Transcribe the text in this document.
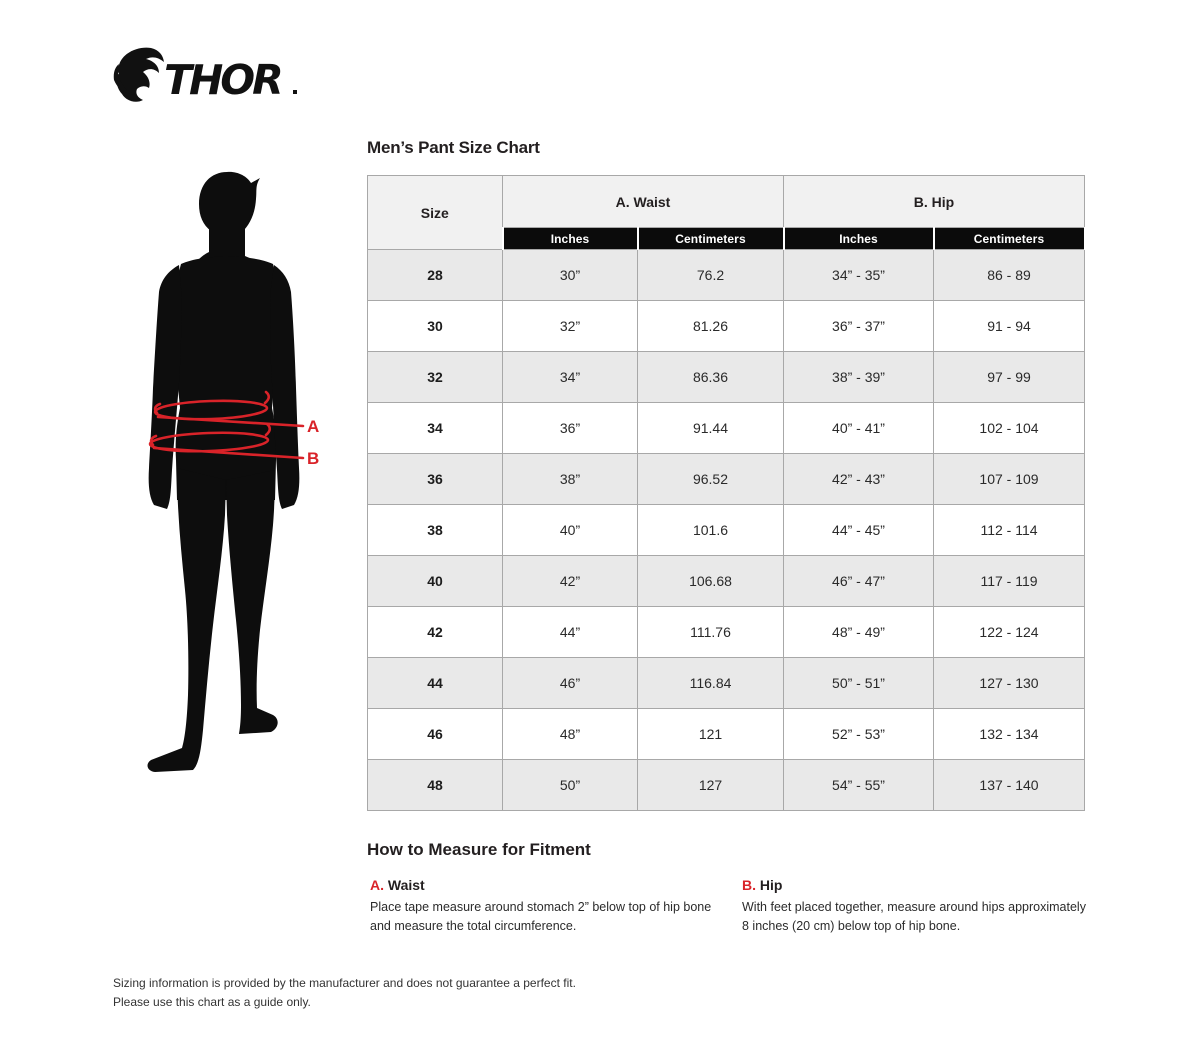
THOR
A
B
Men’s Pant Size Chart
Size	A. Waist		B. Hip	
	Inches	Centimeters	Inches	Centimeters
28	30”	76.2	34” - 35”	86 - 89
30	32”	81.26	36” - 37”	91 - 94
32	34”	86.36	38” - 39”	97 - 99
34	36”	91.44	40” - 41”	102 - 104
36	38”	96.52	42” - 43”	107 - 109
38	40”	101.6	44” - 45”	112 - 114
40	42”	106.68	46” - 47”	117 - 119
42	44”	111.76	48” - 49”	122 - 124
44	46”	116.84	50” - 51”	127 - 130
46	48”	121	52” - 53”	132 - 134
48	50”	127	54” - 55”	137 - 140
How to Measure for Fitment
A. Waist

Place tape measure around stomach 2” below top of hip bone and measure the total circumference.

B. Hip

With feet placed together, measure around hips approximately 8 inches (20 cm) below top of hip bone.

Sizing information is provided by the manufacturer and does not guarantee a perfect fit.
Please use this chart as a guide only.
